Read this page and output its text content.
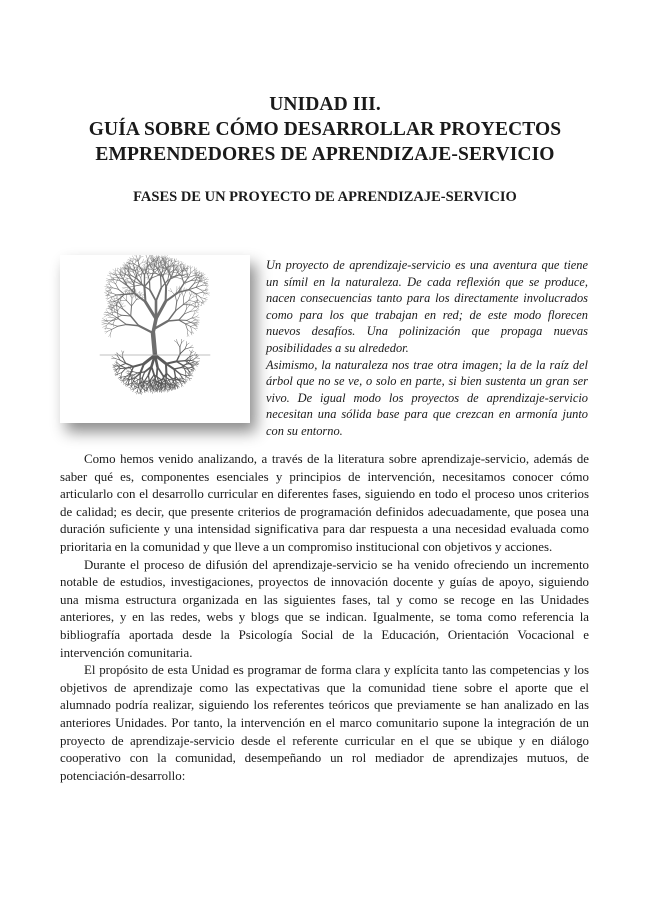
UNIDAD III.
GUÍA SOBRE CÓMO DESARROLLAR PROYECTOS
EMPRENDEDORES DE APRENDIZAJE-SERVICIO
FASES DE UN PROYECTO DE APRENDIZAJE-SERVICIO

Un proyecto de aprendizaje-servicio es una aventura que tiene un símil en la naturaleza. De cada reflexión que se produce, nacen consecuencias tanto para los directamente involucrados como para los que trabajan en red; de este modo florecen nuevos desafíos. Una polinización que propaga nuevas posibilidades a su alrededor.

Asimismo, la naturaleza nos trae otra imagen; la de la raíz del árbol que no se ve, o solo en parte, si bien sustenta un gran ser vivo. De igual modo los proyectos de aprendizaje-servicio necesitan una sólida base para que crezcan en armonía junto con su entorno.

Como hemos venido analizando, a través de la literatura sobre aprendizaje-servicio, además de saber qué es, componentes esenciales y principios de intervención, necesitamos conocer cómo articularlo con el desarrollo curricular en diferentes fases, siguiendo en todo el proceso unos criterios de calidad; es decir, que presente criterios de programación definidos adecuadamente, que posea una duración suficiente y una intensidad significativa para dar respuesta a una necesidad evaluada como prioritaria en la comunidad y que lleve a un compromiso institucional con objetivos y acciones.

Durante el proceso de difusión del aprendizaje-servicio se ha venido ofreciendo un incremento notable de estudios, investigaciones, proyectos de innovación docente y guías de apoyo, siguiendo una misma estructura organizada en las siguientes fases, tal y como se recoge en las Unidades anteriores, y en las redes, webs y blogs que se indican. Igualmente, se toma como referencia la bibliografía aportada desde la Psicología Social de la Educación, Orientación Vocacional e intervención comunitaria.

El propósito de esta Unidad es programar de forma clara y explícita tanto las competencias y los objetivos de aprendizaje como las expectativas que la comunidad tiene sobre el aporte que el alumnado podría realizar, siguiendo los referentes teóricos que previamente se han analizado en las anteriores Unidades. Por tanto, la intervención en el marco comunitario supone la integración de un proyecto de aprendizaje-servicio desde el referente curricular en el que se ubique y en diálogo cooperativo con la comunidad, desempeñando un rol mediador de aprendizajes mutuos, de potenciación-desarrollo:
